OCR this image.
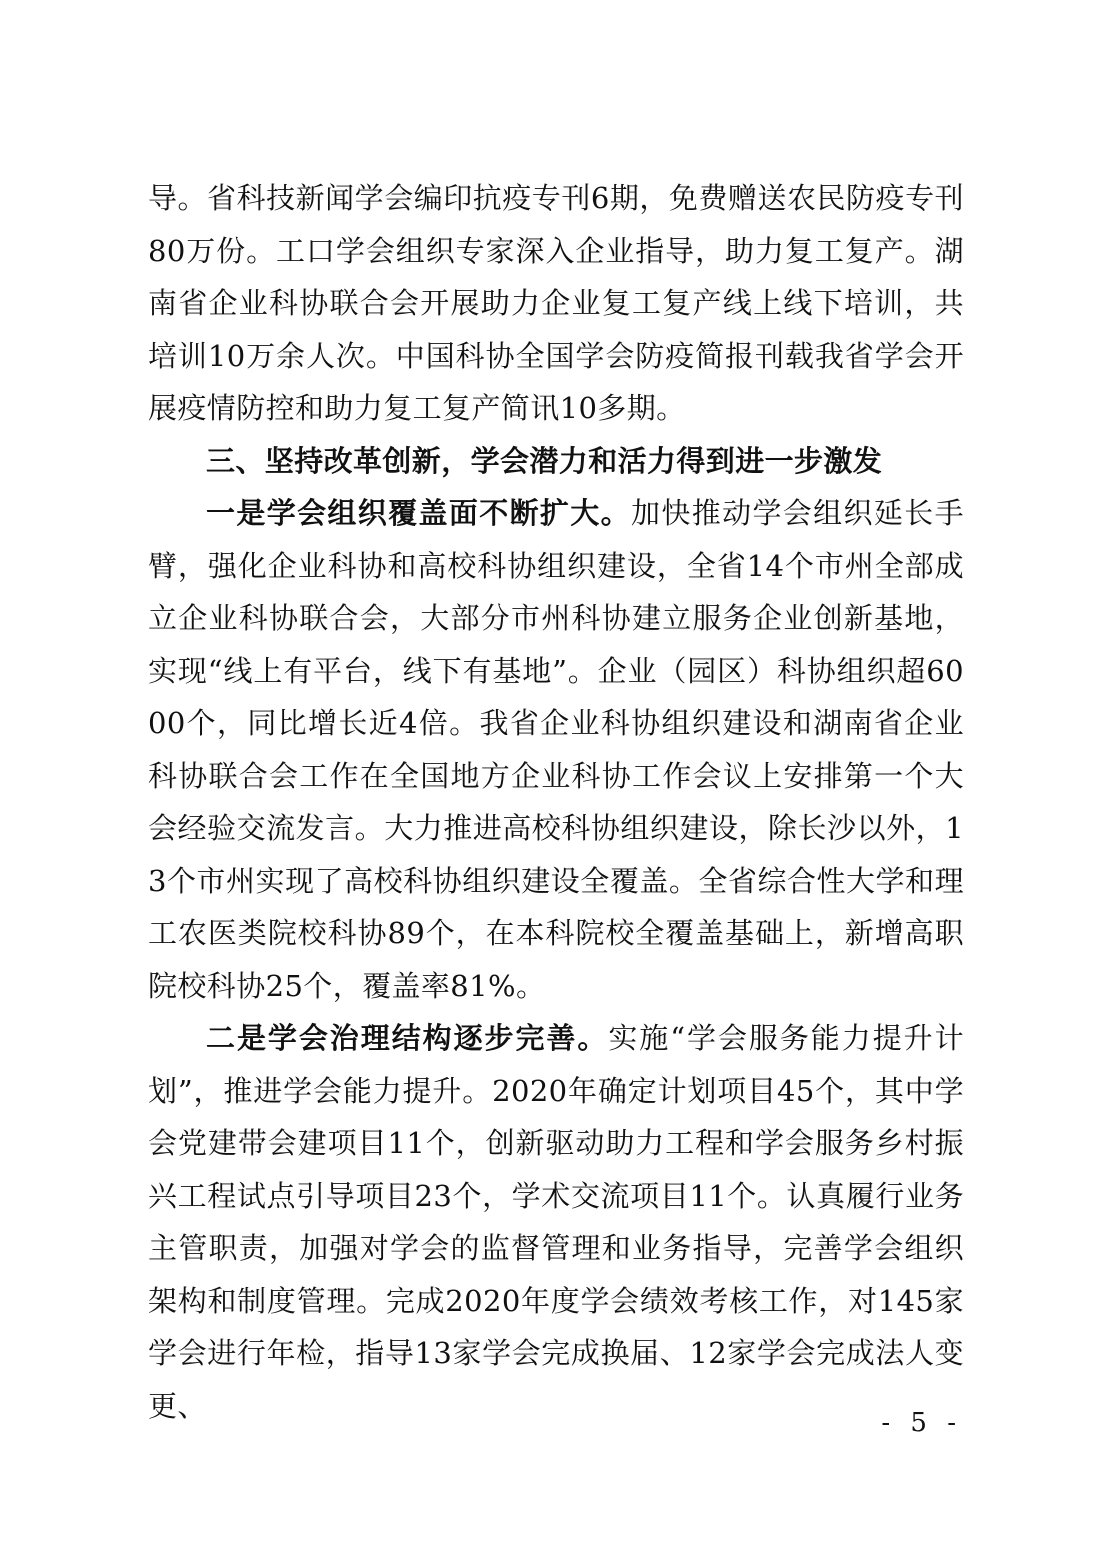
导。省科技新闻学会编印抗疫专刊6期，免费赠送农民防疫专刊80万份。工口学会组织专家深入企业指导，助力复工复产。湖南省企业科协联合会开展助力企业复工复产线上线下培训，共培训10万余人次。中国科协全国学会防疫简报刊载我省学会开展疫情防控和助力复工复产简讯10多期。

三、坚持改革创新，学会潜力和活力得到进一步激发

一是学会组织覆盖面不断扩大。加快推动学会组织延长手臂，强化企业科协和高校科协组织建设，全省14个市州全部成立企业科协联合会，大部分市州科协建立服务企业创新基地，实现“线上有平台，线下有基地”。企业（园区）科协组织超6000个，同比增长近4倍。我省企业科协组织建设和湖南省企业科协联合会工作在全国地方企业科协工作会议上安排第一个大会经验交流发言。大力推进高校科协组织建设，除长沙以外，13个市州实现了高校科协组织建设全覆盖。全省综合性大学和理工农医类院校科协89个，在本科院校全覆盖基础上，新增高职院校科协25个，覆盖率81%。

二是学会治理结构逐步完善。实施“学会服务能力提升计划”，推进学会能力提升。2020年确定计划项目45个，其中学会党建带会建项目11个，创新驱动助力工程和学会服务乡村振兴工程试点引导项目23个，学术交流项目11个。认真履行业务主管职责，加强对学会的监督管理和业务指导，完善学会组织架构和制度管理。完成2020年度学会绩效考核工作，对145家学会进行年检，指导13家学会完成换届、12家学会完成法人变更、

- 5 -
